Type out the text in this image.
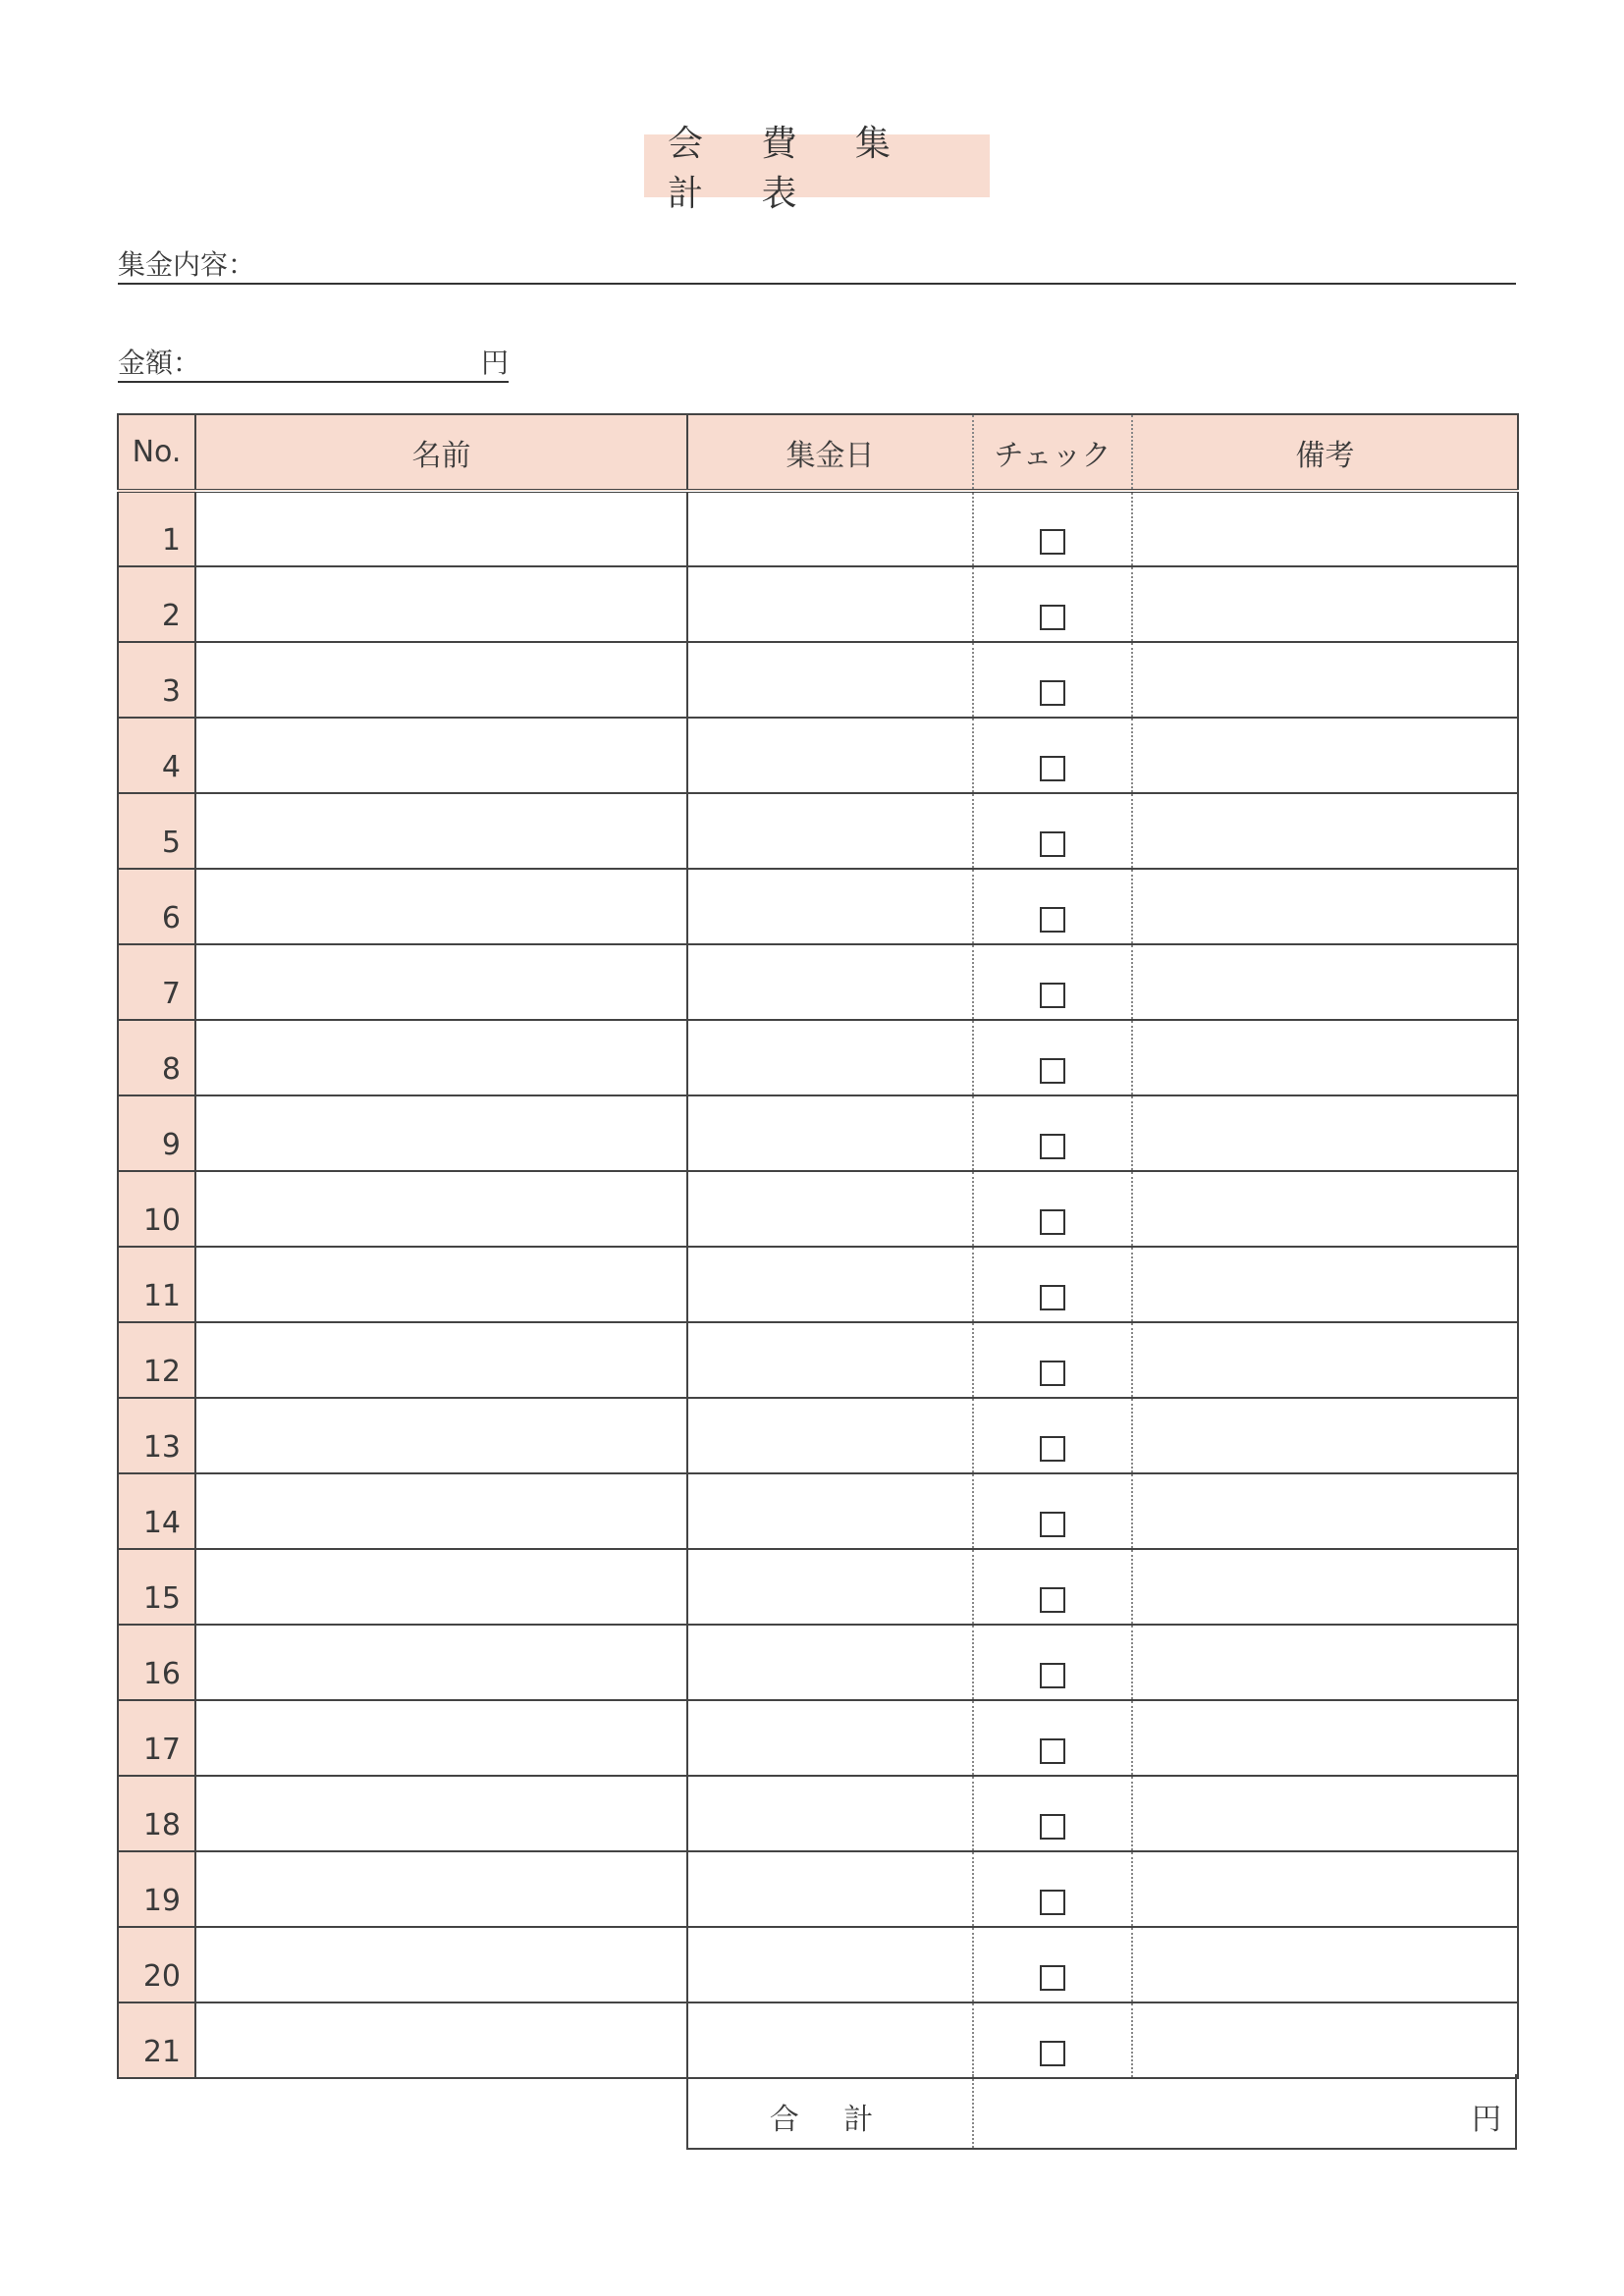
会 費 集 計 表
集金内容：
金額：	円
No.	名前	集金日	チェック	備考
1				
2				
3				
4				
5				
6				
7				
8				
9				
10				
11				
12				
13				
14				
15				
16				
17				
18				
19				
20				
21				
合 計	円
